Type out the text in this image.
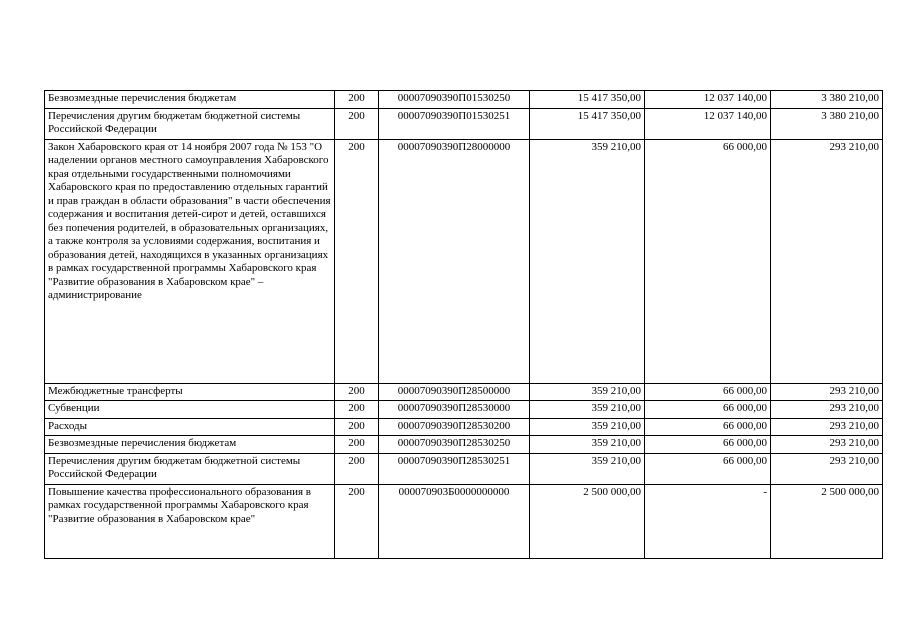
Безвозмездные перечисления бюджетам	200	00007090390П01530250	15 417 350,00	12 037 140,00	3 380 210,00
Перечисления другим бюджетам бюджетной системы Российской Федерации	200	00007090390П01530251	15 417 350,00	12 037 140,00	3 380 210,00
Закон Хабаровского края от 14 ноября 2007 года № 153 "О наделении органов местного самоуправления Хабаровского края отдельными государственными полномочиями Хабаровского края по предоставлению отдельных гарантий и прав граждан в области образования" в части обеспечения содержания и воспитания детей-сирот и детей, оставшихся без попечения родителей, в образовательных организациях, а также контроля за условиями содержания, воспитания и образования детей, находящихся в указанных организациях в рамках государственной программы Хабаровского края "Развитие образования в Хабаровском крае" – администрирование	200	00007090390П28000000	359 210,00	66 000,00	293 210,00
Межбюджетные трансферты	200	00007090390П28500000	359 210,00	66 000,00	293 210,00
Субвенции	200	00007090390П28530000	359 210,00	66 000,00	293 210,00
Расходы	200	00007090390П28530200	359 210,00	66 000,00	293 210,00
Безвозмездные перечисления бюджетам	200	00007090390П28530250	359 210,00	66 000,00	293 210,00
Перечисления другим бюджетам бюджетной системы Российской Федерации	200	00007090390П28530251	359 210,00	66 000,00	293 210,00
Повышение качества профессионального образования в рамках государственной программы Хабаровского края "Развитие образования в Хабаровском крае"	200	000070903Б0000000000	2 500 000,00	-	2 500 000,00
